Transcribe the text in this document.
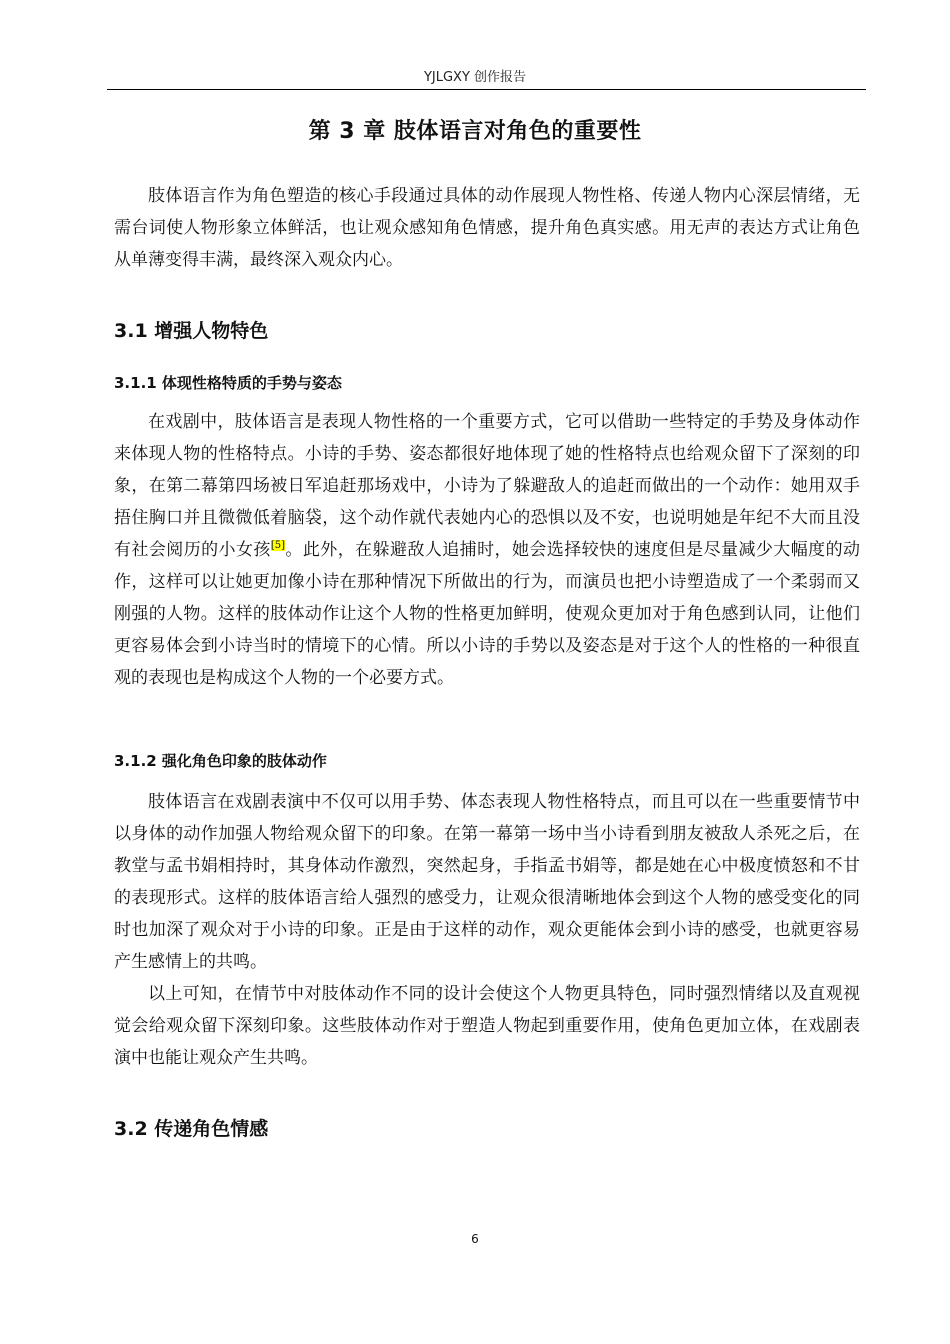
YJLGXY 创作报告
第 3 章 肢体语言对角色的重要性

肢体语言作为角色塑造的核心手段通过具体的动作展现人物性格、传递人物内心深层情绪，无需台词使人物形象立体鲜活，也让观众感知角色情感，提升角色真实感。用无声的表达方式让角色从单薄变得丰满，最终深入观众内心。

3.1 增强人物特色
3.1.1 体现性格特质的手势与姿态

在戏剧中，肢体语言是表现人物性格的一个重要方式，它可以借助一些特定的手势及身体动作来体现人物的性格特点。小诗的手势、姿态都很好地体现了她的性格特点也给观众留下了深刻的印象，在第二幕第四场被日军追赶那场戏中，小诗为了躲避敌人的追赶而做出的一个动作：她用双手捂住胸口并且微微低着脑袋，这个动作就代表她内心的恐惧以及不安，也说明她是年纪不大而且没有社会阅历的小女孩[5]。此外，在躲避敌人追捕时，她会选择较快的速度但是尽量减少大幅度的动作，这样可以让她更加像小诗在那种情况下所做出的行为，而演员也把小诗塑造成了一个柔弱而又刚强的人物。这样的肢体动作让这个人物的性格更加鲜明，使观众更加对于角色感到认同，让他们更容易体会到小诗当时的情境下的心情。所以小诗的手势以及姿态是对于这个人的性格的一种很直观的表现也是构成这个人物的一个必要方式。

3.1.2 强化角色印象的肢体动作

肢体语言在戏剧表演中不仅可以用手势、体态表现人物性格特点，而且可以在一些重要情节中以身体的动作加强人物给观众留下的印象。在第一幕第一场中当小诗看到朋友被敌人杀死之后，在教堂与孟书娟相持时，其身体动作激烈，突然起身，手指孟书娟等，都是她在心中极度愤怒和不甘的表现形式。这样的肢体语言给人强烈的感受力，让观众很清晰地体会到这个人物的感受变化的同时也加深了观众对于小诗的印象。正是由于这样的动作，观众更能体会到小诗的感受，也就更容易产生感情上的共鸣。

以上可知，在情节中对肢体动作不同的设计会使这个人物更具特色，同时强烈情绪以及直观视觉会给观众留下深刻印象。这些肢体动作对于塑造人物起到重要作用，使角色更加立体，在戏剧表演中也能让观众产生共鸣。

3.2 传递角色情感
6
